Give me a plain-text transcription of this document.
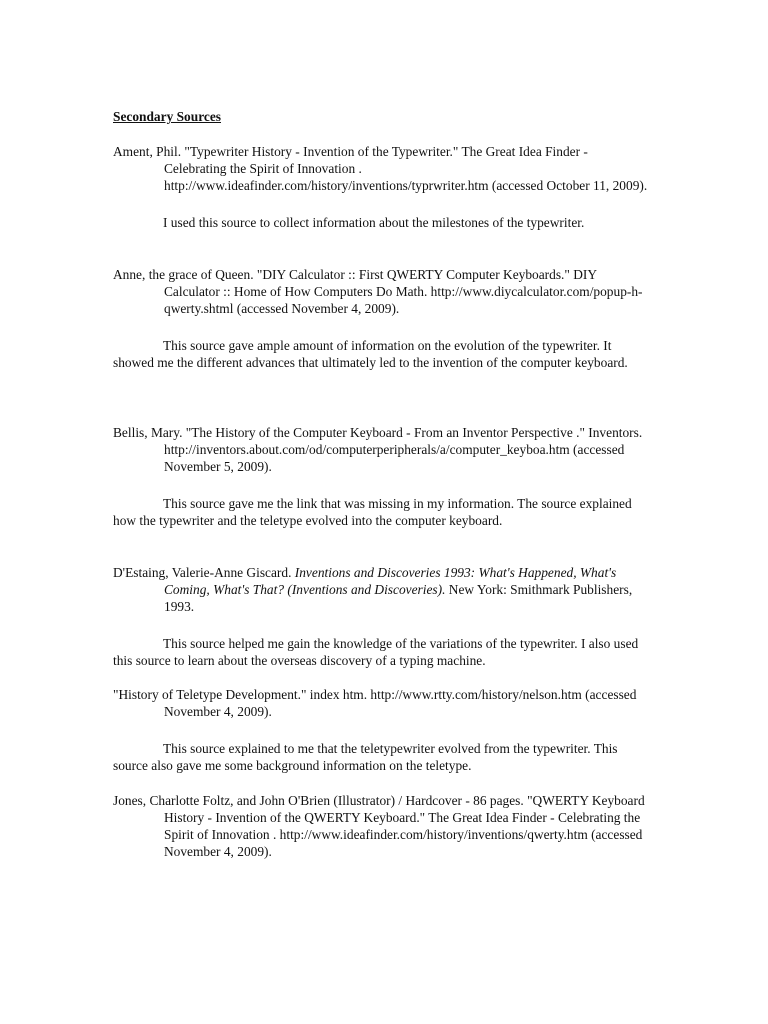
Secondary Sources

Ament, Phil. "Typewriter History - Invention of the Typewriter." The Great Idea Finder - Celebrating the Spirit of Innovation . http://www.ideafinder.com/history/inventions/typrwriter.htm (accessed October 11, 2009).

I used this source to collect information about the milestones of the typewriter.

Anne, the grace of Queen. "DIY Calculator :: First QWERTY Computer Keyboards." DIY Calculator :: Home of How Computers Do Math. http://www.diycalculator.com/popup-h-qwerty.shtml (accessed November 4, 2009).

This source gave ample amount of information on the evolution of the typewriter. It showed me the different advances that ultimately led to the invention of the computer keyboard.

Bellis, Mary. "The History of the Computer Keyboard - From an Inventor Perspective ." Inventors. http://inventors.about.com/od/computerperipherals/a/computer_keyboa.htm (accessed November 5, 2009).

This source gave me the link that was missing in my information. The source explained how the typewriter and the teletype evolved into the computer keyboard.

D'Estaing, Valerie-Anne Giscard. Inventions and Discoveries 1993: What's Happened, What's Coming, What's That? (Inventions and Discoveries). New York: Smithmark Publishers, 1993.

This source helped me gain the knowledge of the variations of the typewriter. I also used this source to learn about the overseas discovery of a typing machine.

"History of Teletype Development." index htm. http://www.rtty.com/history/nelson.htm (accessed November 4, 2009).

This source explained to me that the teletypewriter evolved from the typewriter. This source also gave me some background information on the teletype.

Jones, Charlotte Foltz, and John O'Brien (Illustrator) / Hardcover - 86 pages. "QWERTY Keyboard History - Invention of the QWERTY Keyboard." The Great Idea Finder - Celebrating the Spirit of Innovation . http://www.ideafinder.com/history/inventions/qwerty.htm (accessed November 4, 2009).
